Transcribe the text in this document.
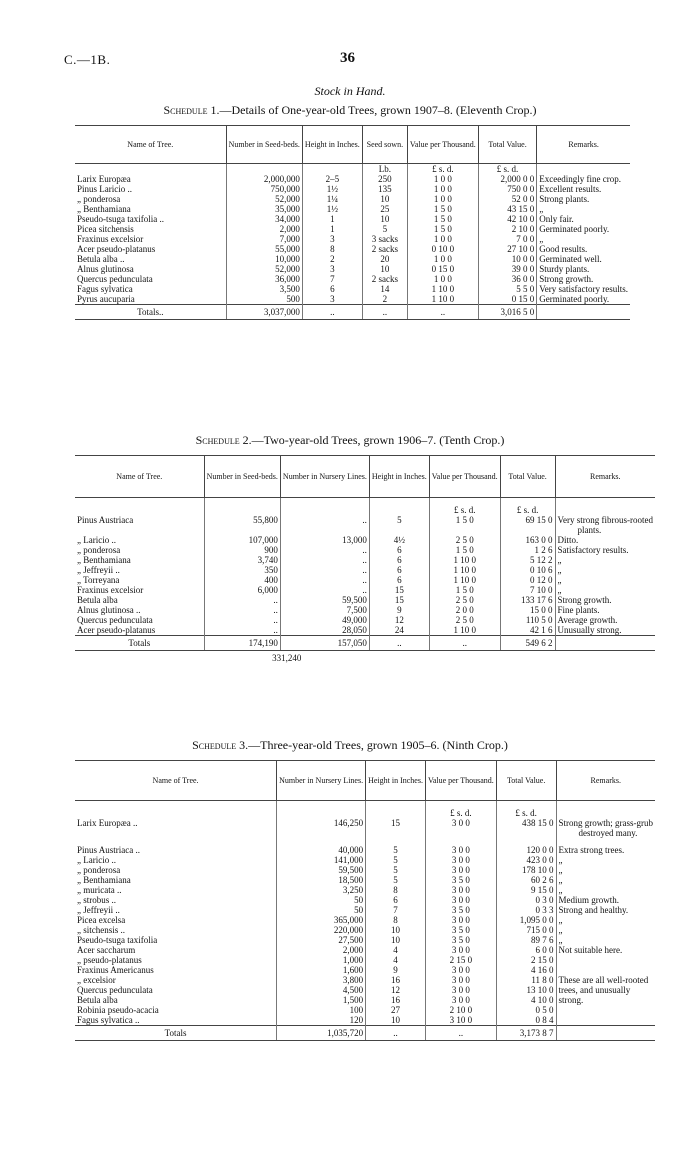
C.—1B.	36
Stock in Hand.
Schedule 1.—Details of One-year-old Trees, grown 1907–8. (Eleventh Crop.)
Name of Tree.	Number in Seed-beds.	Height in Inches.	Seed sown.	Value per Thousand.	Total Value.	Remarks.
			Lb.	£ s. d.	£ s. d.	
Larix Europæa	2,000,000	2–5	250	1 0 0	2,000 0 0	Exceedingly fine crop.
Pinus Laricio ..	750,000	1½	135	1 0 0	750 0 0	Excellent results.
„ ponderosa	52,000	1¼	10	1 0 0	52 0 0	Strong plants.
„ Benthamiana	35,000	1½	25	1 5 0	43 15 0	„
Pseudo-tsuga taxifolia ..	34,000	1	10	1 5 0	42 10 0	Only fair.
Picea sitchensis	2,000	1	5	1 5 0	2 10 0	Germinated poorly.
Fraxinus excelsior	7,000	3	3 sacks	1 0 0	7 0 0	„
Acer pseudo-platanus	55,000	8	2 sacks	0 10 0	27 10 0	Good results.
Betula alba ..	10,000	2	20	1 0 0	10 0 0	Germinated well.
Alnus glutinosa	52,000	3	10	0 15 0	39 0 0	Sturdy plants.
Quercus pedunculata	36,000	7	2 sacks	1 0 0	36 0 0	Strong growth.
Fagus sylvatica	3,500	6	14	1 10 0	5 5 0	Very satisfactory results.
Pyrus aucuparia	500	3	2	1 10 0	0 15 0	Germinated poorly.
Totals..	3,037,000	..	..	..	3,016 5 0	
Schedule 2.—Two-year-old Trees, grown 1906–7. (Tenth Crop.)
Name of Tree.	Number in Seed-beds.	Number in Nursery Lines.	Height in Inches.	Value per Thousand.	Total Value.	Remarks.

				£ s. d.	£ s. d.	
Pinus Austriaca	55,800	..	5	1 5 0	69 15 0	Very strong fibrous-rooted
						plants.
„ Laricio ..	107,000	13,000	4½	2 5 0	163 0 0	Ditto.
„ ponderosa	900	..	6	1 5 0	1 2 6	Satisfactory results.
„ Benthamiana	3,740	..	6	1 10 0	5 12 2	„
„ Jeffreyii ..	350	..	6	1 10 0	0 10 6	„
„ Torreyana	400	..	6	1 10 0	0 12 0	„
Fraxinus excelsior	6,000	..	15	1 5 0	7 10 0	„
Betula alba	..	59,500	15	2 5 0	133 17 6	Strong growth.
Alnus glutinosa ..	..	7,500	9	2 0 0	15 0 0	Fine plants.
Quercus pedunculata	..	49,000	12	2 5 0	110 5 0	Average growth.
Acer pseudo-platanus	..	28,050	24	1 10 0	42 1 6	Unusually strong.
Totals	174,190	157,050	..	..	549 6 2	
	331,240					
Schedule 3.—Three-year-old Trees, grown 1905–6. (Ninth Crop.)
Name of Tree.	Number in Nursery Lines.	Height in Inches.	Value per Thousand.	Total Value.	Remarks.

			£ s. d.	£ s. d.	
Larix Europæa ..	146,250	15	3 0 0	438 15 0	Strong growth; grass-grub
					destroyed many.

Pinus Austriaca ..	40,000	5	3 0 0	120 0 0	Extra strong trees.
„ Laricio ..	141,000	5	3 0 0	423 0 0	„
„ ponderosa	59,500	5	3 0 0	178 10 0	„
„ Benthamiana	18,500	5	3 5 0	60 2 6	„
„ muricata ..	3,250	8	3 0 0	9 15 0	„
„ strobus ..	50	6	3 0 0	0 3 0	Medium growth.
„ Jeffreyii ..	50	7	3 5 0	0 3 3	Strong and healthy.
Picea excelsa	365,000	8	3 0 0	1,095 0 0	„
„ sitchensis ..	220,000	10	3 5 0	715 0 0	„
Pseudo-tsuga taxifolia	27,500	10	3 5 0	89 7 6	„
Acer saccharum	2,000	4	3 0 0	6 0 0	Not suitable here.
„ pseudo-platanus	1,000	4	2 15 0	2 15 0	
Fraxinus Americanus	1,600	9	3 0 0	4 16 0	
„ excelsior	3,800	16	3 0 0	11 8 0	These are all well-rooted
Quercus pedunculata	4,500	12	3 0 0	13 10 0	trees, and unusually
Betula alba	1,500	16	3 0 0	4 10 0	strong.
Robinia pseudo-acacia	100	27	2 10 0	0 5 0	
Fagus sylvatica ..	120	10	3 10 0	0 8 4	
Totals	1,035,720	..	..	3,173 8 7	
